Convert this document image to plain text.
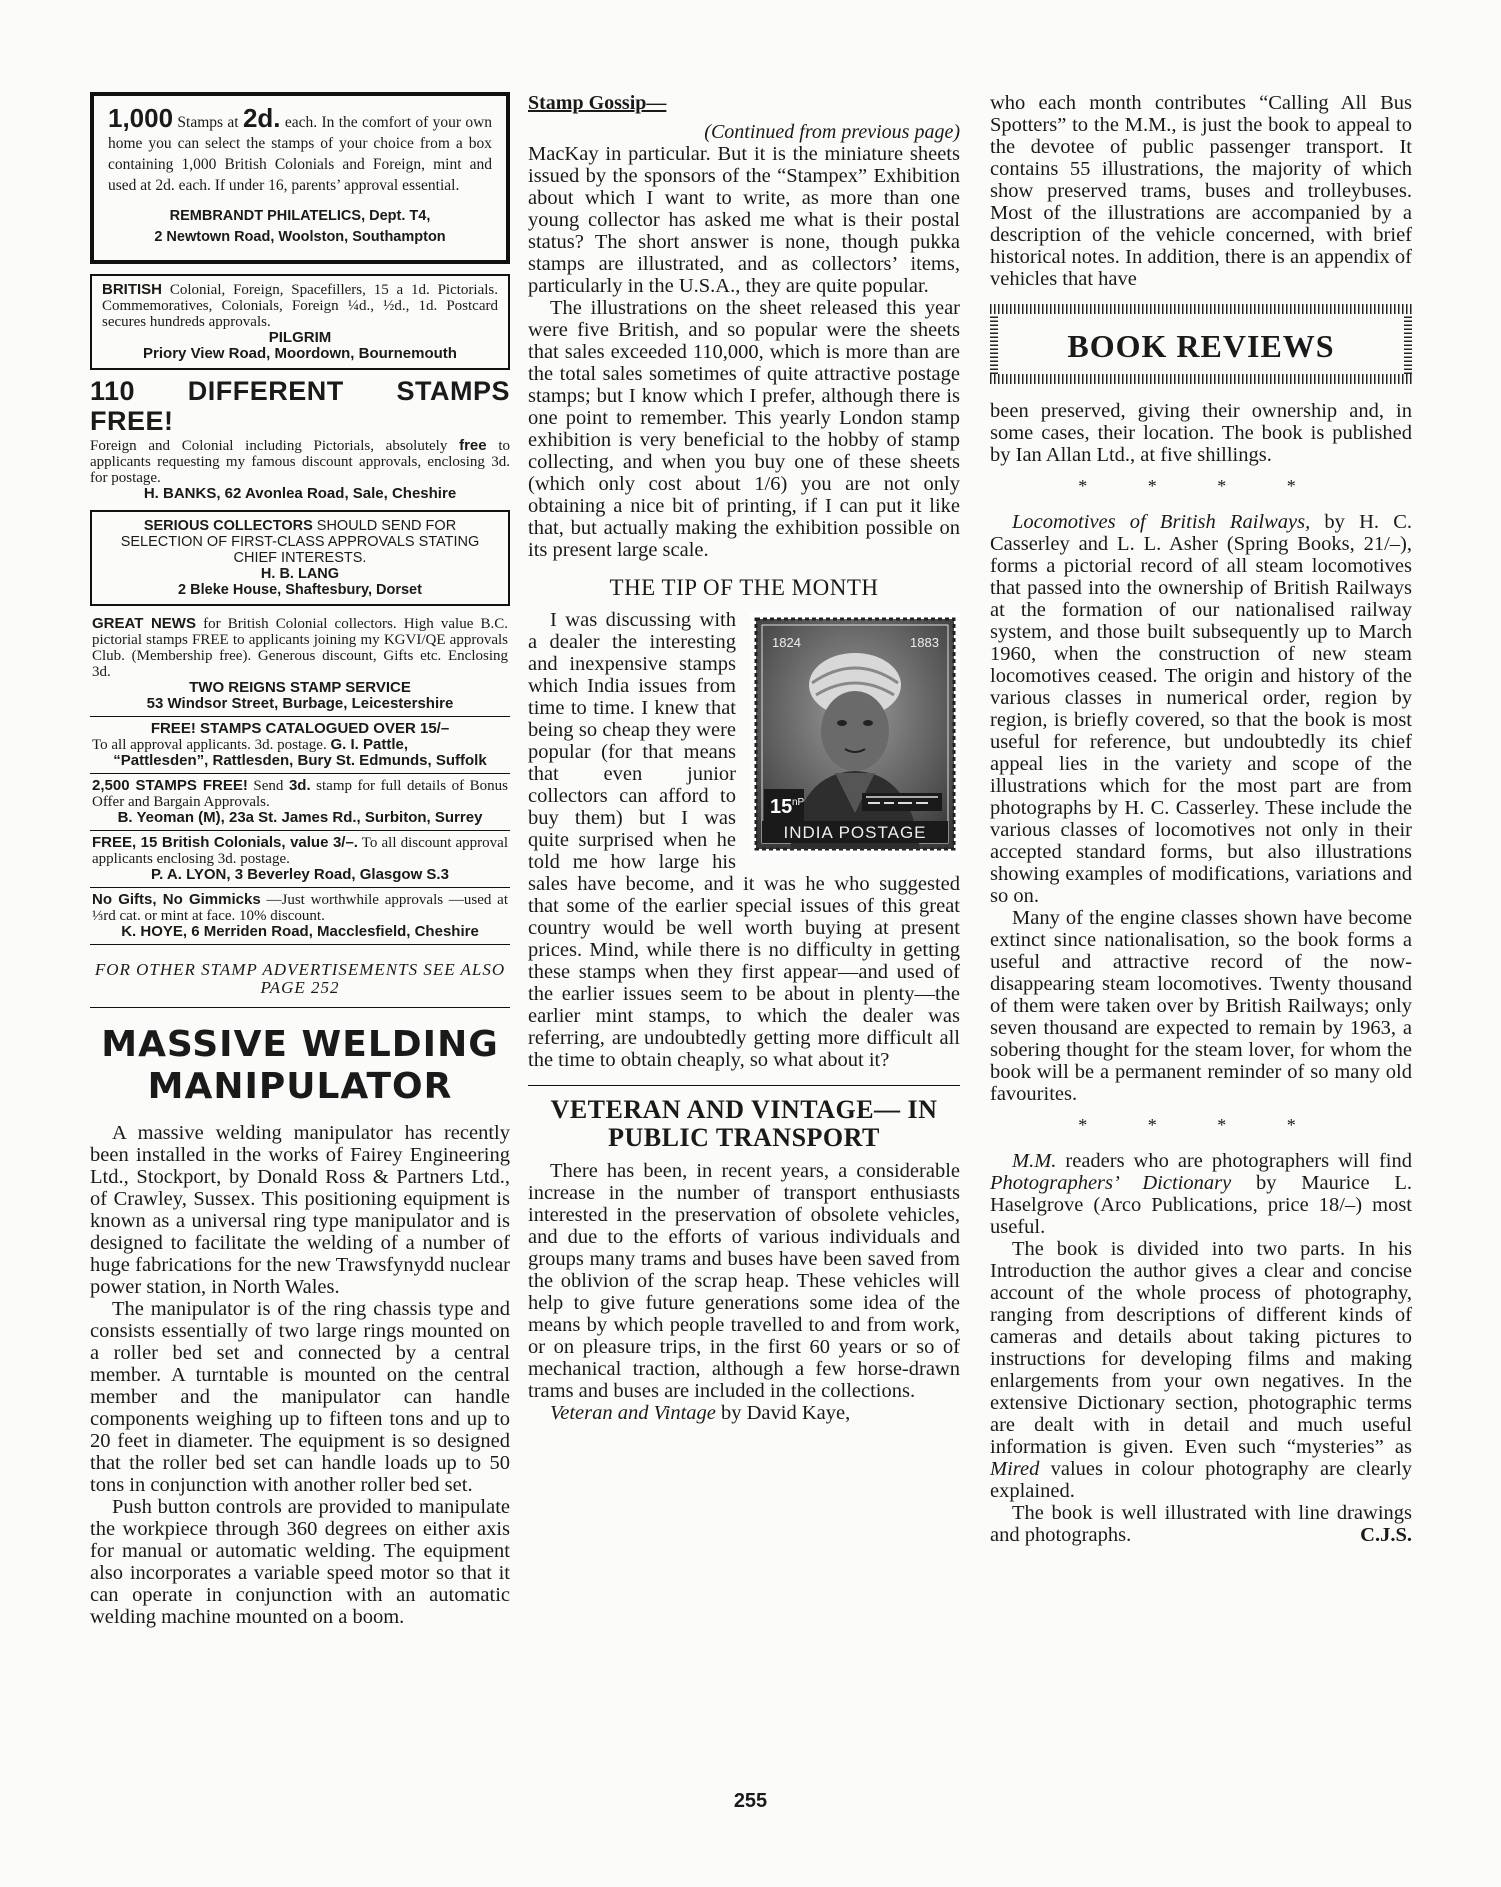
1,000 Stamps at 2d. each. In the comfort of your own home you can select the stamps of your choice from a box containing 1,000 British Colonials and Foreign, mint and used at 2d. each. If under 16, parents’ approval essential.

REMBRANDT PHILATELICS, Dept. T4,

2 Newtown Road, Woolston, Southampton

BRITISH Colonial, Foreign, Spacefillers, 15 a 1d. Pictorials. Commemoratives, Colonials, Foreign ¼d., ½d., 1d. Postcard secures hundreds approvals.

PILGRIM

Priory View Road, Moordown, Bournemouth

110 DIFFERENT STAMPS FREE!

Foreign and Colonial including Pictorials, absolutely free to applicants requesting my famous discount approvals, enclosing 3d. for postage.

H. BANKS, 62 Avonlea Road, Sale, Cheshire

SERIOUS COLLECTORS SHOULD SEND FOR SELECTION OF FIRST-CLASS APPROVALS STATING CHIEF INTERESTS.

H. B. LANG

2 Bleke House, Shaftesbury, Dorset

GREAT NEWS for British Colonial collectors. High value B.C. pictorial stamps FREE to applicants joining my KGVI/QE approvals Club. (Membership free). Generous discount, Gifts etc. Enclosing 3d.

TWO REIGNS STAMP SERVICE

53 Windsor Street, Burbage, Leicestershire

FREE! STAMPS CATALOGUED OVER 15/–

To all approval applicants. 3d. postage. G. I. Pattle,

“Pattlesden”, Rattlesden, Bury St. Edmunds, Suffolk

2,500 STAMPS FREE! Send 3d. stamp for full details of Bonus Offer and Bargain Approvals.

B. Yeoman (M), 23a St. James Rd., Surbiton, Surrey

FREE, 15 British Colonials, value 3/–. To all discount approval applicants enclosing 3d. postage.

P. A. LYON, 3 Beverley Road, Glasgow S.3

No Gifts, No Gimmicks —Just worthwhile approvals —used at ⅓rd cat. or mint at face. 10% discount.

K. HOYE, 6 Merriden Road, Macclesfield, Cheshire

FOR OTHER STAMP ADVERTISEMENTS SEE ALSO PAGE 252

MASSIVE WELDING MANIPULATOR

A massive welding manipulator has recently been installed in the works of Fairey Engineering Ltd., Stockport, by Donald Ross & Partners Ltd., of Crawley, Sussex. This positioning equipment is known as a universal ring type manipulator and is designed to facilitate the welding of a number of huge fabrications for the new Trawsfynydd nuclear power station, in North Wales.

The manipulator is of the ring chassis type and consists essentially of two large rings mounted on a roller bed set and connected by a central member. A turntable is mounted on the central member and the manipulator can handle components weighing up to fifteen tons and up to 20 feet in diameter. The equipment is so designed that the roller bed set can handle loads up to 50 tons in conjunction with another roller bed set.

Push button controls are provided to manipulate the workpiece through 360 degrees on either axis for manual or automatic welding. The equipment also incorporates a variable speed motor so that it can operate in conjunction with an automatic welding machine mounted on a boom.

Stamp Gossip—

(Continued from previous page)

MacKay in particular. But it is the miniature sheets issued by the sponsors of the “Stampex” Exhibition about which I want to write, as more than one young collector has asked me what is their postal status? The short answer is none, though pukka stamps are illustrated, and as collectors’ items, particularly in the U.S.A., they are quite popular.

The illustrations on the sheet released this year were five British, and so popular were the sheets that sales exceeded 110,000, which is more than are the total sales sometimes of quite attractive postage stamps; but I know which I prefer, although there is one point to remember. This yearly London stamp exhibition is very beneficial to the hobby of stamp collecting, and when you buy one of these sheets (which only cost about 1/6) you are not only obtaining a nice bit of printing, if I can put it like that, but actually making the exhibition possible on its present large scale.

THE TIP OF THE MONTH

15 nP
INDIA POSTAGE
1824	1883

I was discussing with a dealer the interesting and inexpensive stamps which India issues from time to time. I knew that being so cheap they were popular (for that means that even junior collectors can afford to buy them) but I was quite surprised when he told me how large his sales have become, and it was he who suggested that some of the earlier special issues of this great country would be well worth buying at present prices. Mind, while there is no difficulty in getting these stamps when they first appear—and used of the earlier issues seem to be about in plenty—the earlier mint stamps, to which the dealer was referring, are undoubtedly getting more difficult all the time to obtain cheaply, so what about it?

VETERAN AND VINTAGE— IN PUBLIC TRANSPORT

There has been, in recent years, a considerable increase in the number of transport enthusiasts interested in the preservation of obsolete vehicles, and due to the efforts of various individuals and groups many trams and buses have been saved from the oblivion of the scrap heap. These vehicles will help to give future generations some idea of the means by which people travelled to and from work, or on pleasure trips, in the first 60 years or so of mechanical traction, although a few horse-drawn trams and buses are included in the collections.

Veteran and Vintage by David Kaye,

who each month contributes “Calling All Bus Spotters” to the M.M., is just the book to appeal to the devotee of public passenger transport. It contains 55 illustrations, the majority of which show preserved trams, buses and trolleybuses. Most of the illustrations are accompanied by a description of the vehicle concerned, with brief historical notes. In addition, there is an appendix of vehicles that have

BOOK REVIEWS

been preserved, giving their ownership and, in some cases, their location. The book is published by Ian Allan Ltd., at five shillings.

* * * *

Locomotives of British Railways, by H. C. Casserley and L. L. Asher (Spring Books, 21/–), forms a pictorial record of all steam locomotives that passed into the ownership of British Railways at the formation of our nationalised railway system, and those built subsequently up to March 1960, when the construction of new steam locomotives ceased. The origin and history of the various classes in numerical order, region by region, is briefly covered, so that the book is most useful for reference, but undoubtedly its chief appeal lies in the variety and scope of the illustrations which for the most part are from photographs by H. C. Casserley. These include the various classes of locomotives not only in their accepted standard forms, but also illustrations showing examples of modifications, variations and so on.

Many of the engine classes shown have become extinct since nationalisation, so the book forms a useful and attractive record of the now-disappearing steam locomotives. Twenty thousand of them were taken over by British Railways; only seven thousand are expected to remain by 1963, a sobering thought for the steam lover, for whom the book will be a permanent reminder of so many old favourites.

* * * *

M.M. readers who are photographers will find Photographers’ Dictionary by Maurice L. Haselgrove (Arco Publications, price 18/–) most useful.

The book is divided into two parts. In his Introduction the author gives a clear and concise account of the whole process of photography, ranging from descriptions of different kinds of cameras and details about taking pictures to instructions for developing films and making enlargements from your own negatives. In the extensive Dictionary section, photographic terms are dealt with in detail and much useful information is given. Even such “mysteries” as Mired values in colour photography are clearly explained.

The book is well illustrated with line drawings and photographs.	C.J.S.

255
